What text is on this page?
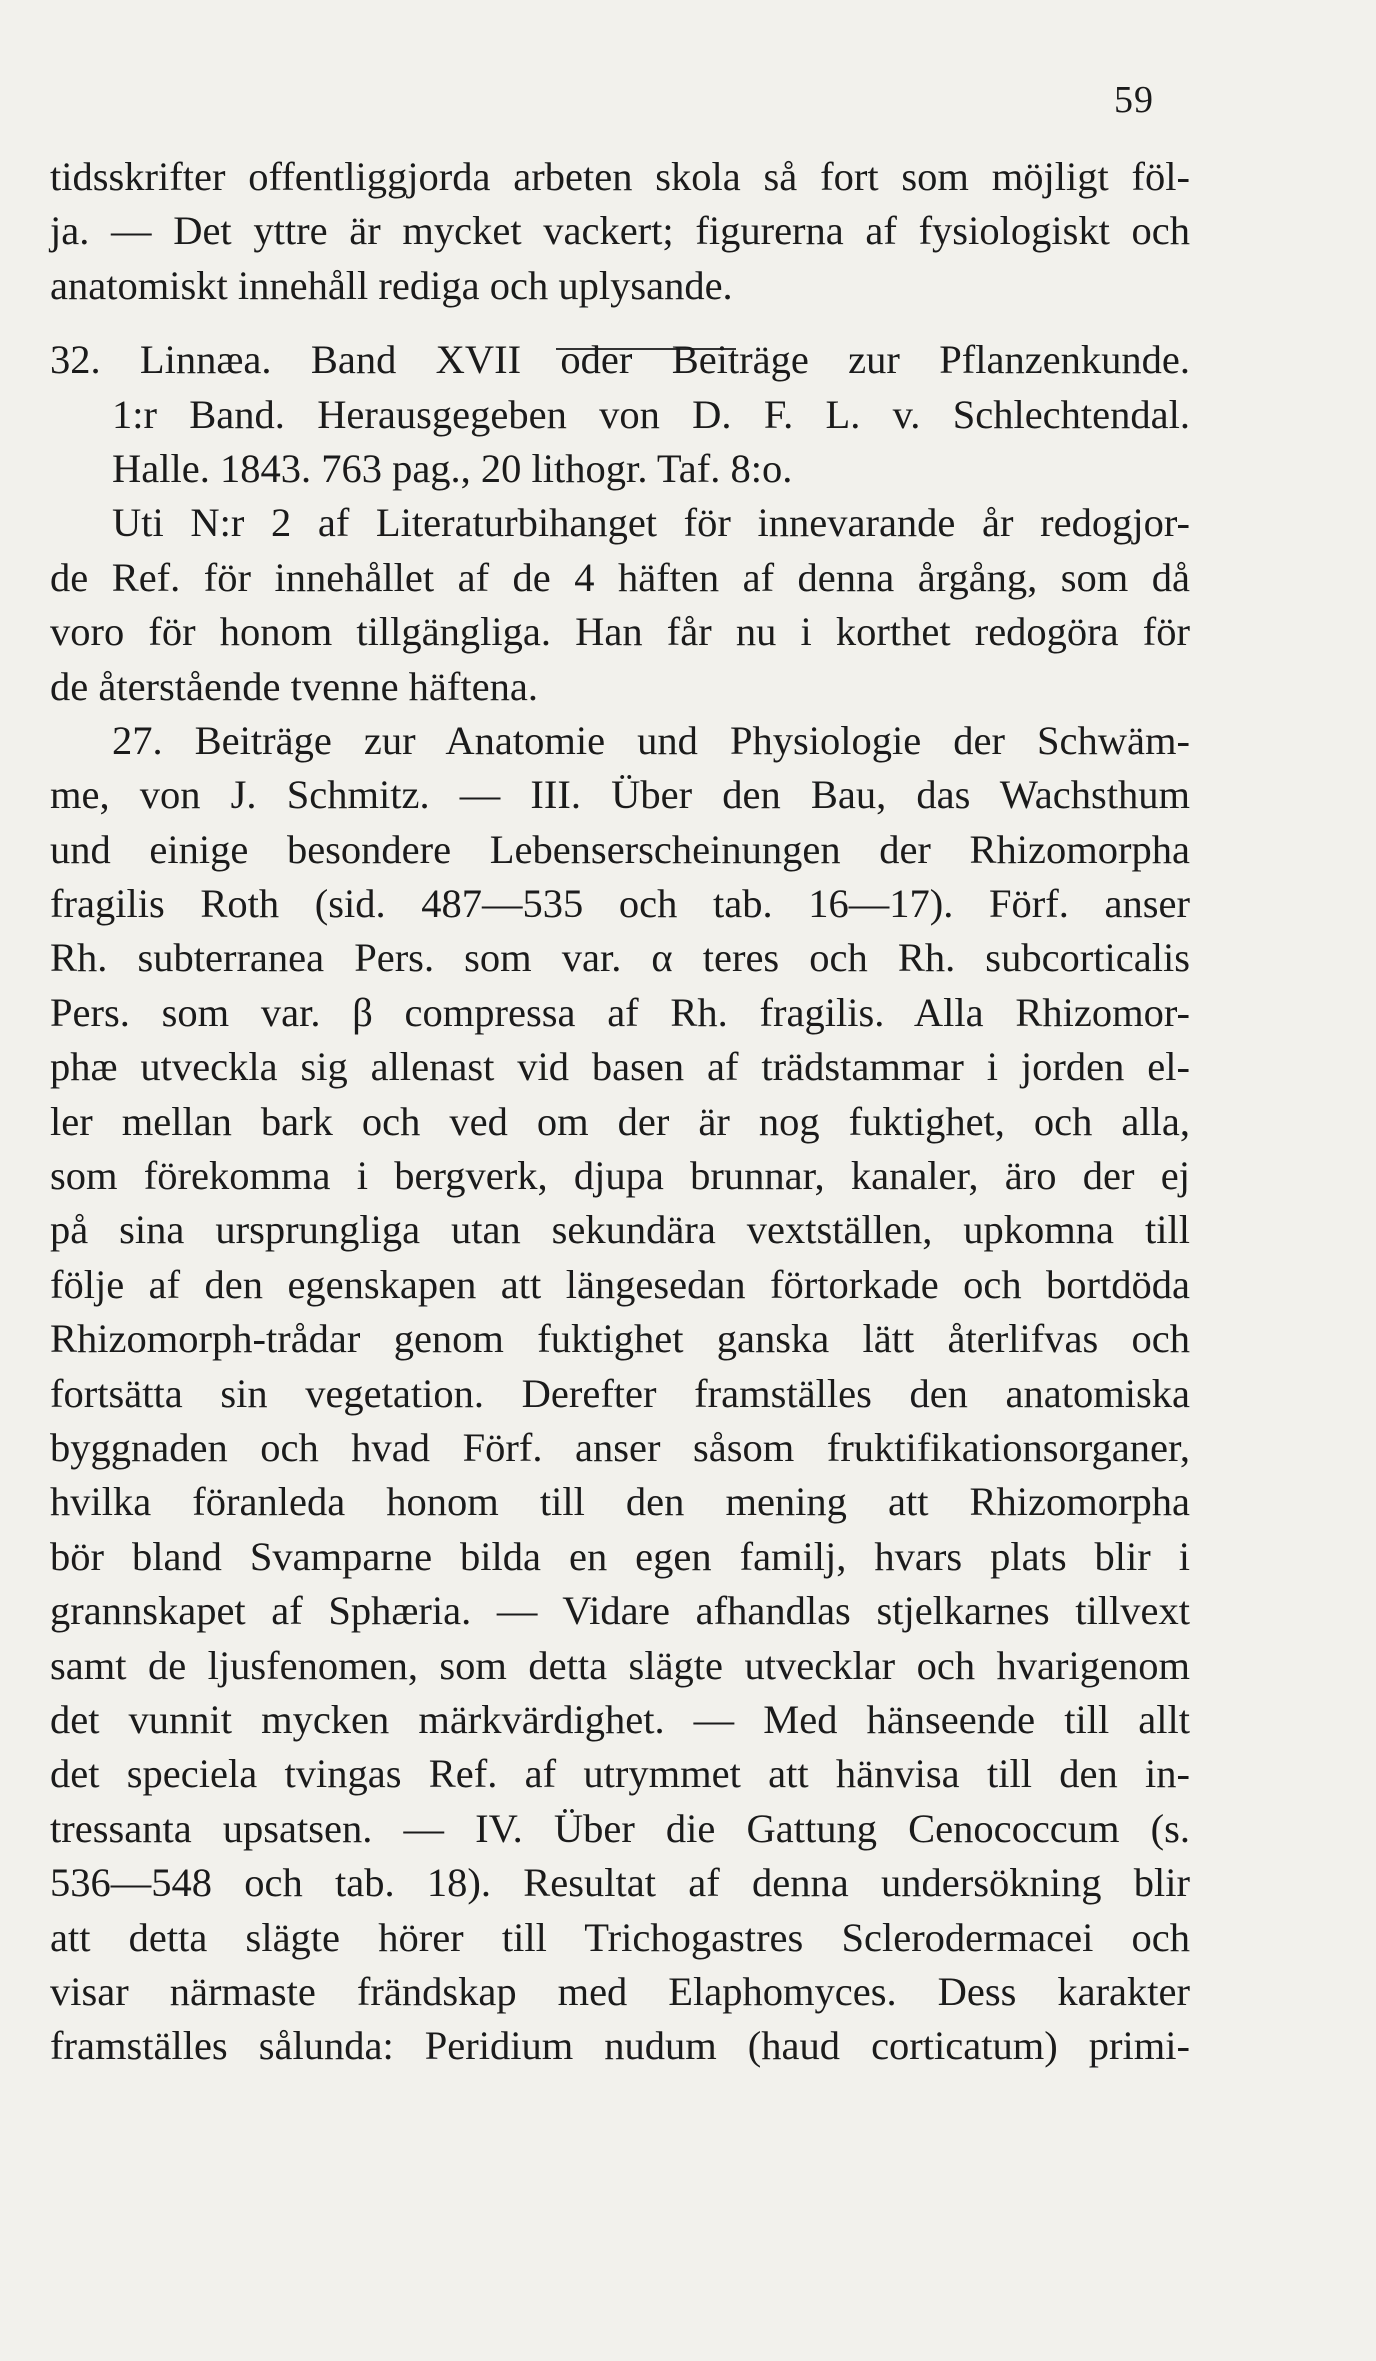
59
tidsskrifter offentliggjorda arbeten skola så fort som möjligt föl-
ja. — Det yttre är mycket vackert; figurerna af fysiologiskt och
anatomiskt innehåll rediga och uplysande.
32. Linnæa. Band XVII oder Beiträge zur Pflanzenkunde.
1:r Band. Herausgegeben von D. F. L. v. Schlechtendal.
Halle. 1843. 763 pag., 20 lithogr. Taf. 8:o.
Uti N:r 2 af Literaturbihanget för innevarande år redogjor-
de Ref. för innehållet af de 4 häften af denna årgång, som då
voro för honom tillgängliga. Han får nu i korthet redogöra för
de återstående tvenne häftena.
27. Beiträge zur Anatomie und Physiologie der Schwäm-
me, von J. Schmitz. — III. Über den Bau, das Wachsthum
und einige besondere Lebenserscheinungen der Rhizomorpha
fragilis Roth (sid. 487—535 och tab. 16—17). Förf. anser
Rh. subterranea Pers. som var. α teres och Rh. subcorticalis
Pers. som var. β compressa af Rh. fragilis. Alla Rhizomor-
phæ utveckla sig allenast vid basen af trädstammar i jorden el-
ler mellan bark och ved om der är nog fuktighet, och alla,
som förekomma i bergverk, djupa brunnar, kanaler, äro der ej
på sina ursprungliga utan sekundära vextställen, upkomna till
följe af den egenskapen att längesedan förtorkade och bortdöda
Rhizomorph-trådar genom fuktighet ganska lätt återlifvas och
fortsätta sin vegetation. Derefter framställes den anatomiska
byggnaden och hvad Förf. anser såsom fruktifikationsorganer,
hvilka föranleda honom till den mening att Rhizomorpha
bör bland Svamparne bilda en egen familj, hvars plats blir i
grannskapet af Sphæria. — Vidare afhandlas stjelkarnes tillvext
samt de ljusfenomen, som detta slägte utvecklar och hvarigenom
det vunnit mycken märkvärdighet. — Med hänseende till allt
det speciela tvingas Ref. af utrymmet att hänvisa till den in-
tressanta upsatsen. — IV. Über die Gattung Cenococcum (s.
536—548 och tab. 18). Resultat af denna undersökning blir
att detta slägte hörer till Trichogastres Sclerodermacei och
visar närmaste frändskap med Elaphomyces. Dess karakter
framställes sålunda: Peridium nudum (haud corticatum) primi-
